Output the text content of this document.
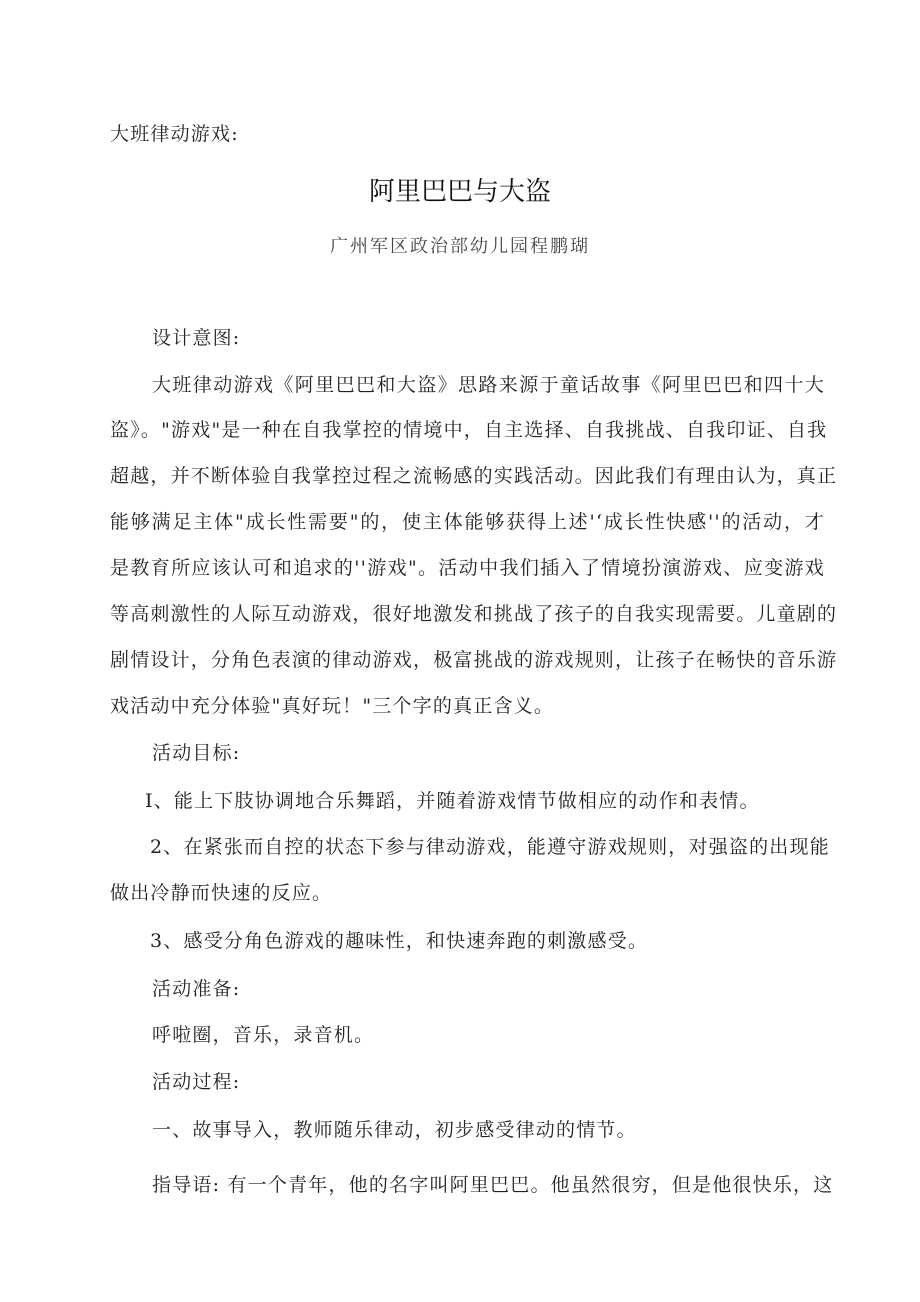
大班律动游戏:
阿里巴巴与大盗
广州军区政治部幼儿园程鹏瑚
设计意图:
大班律动游戏《阿里巴巴和大盗》思路来源于童话故事《阿里巴巴和四十大
盗》。"游戏"是一种在自我掌控的情境中，自主选择、自我挑战、自我印证、自我
超越，并不断体验自我掌控过程之流畅感的实践活动。因此我们有理由认为，真正
能够满足主体"成长性需要"的，使主体能够获得上述'‘成长性快感''的活动，才
是教育所应该认可和追求的''游戏"。活动中我们插入了情境扮演游戏、应变游戏
等高刺激性的人际互动游戏，很好地激发和挑战了孩子的自我实现需要。儿童剧的
剧情设计，分角色表演的律动游戏，极富挑战的游戏规则，让孩子在畅快的音乐游
戏活动中充分体验"真好玩！"三个字的真正含义。
活动目标:
I、能上下肢协调地合乐舞蹈，并随着游戏情节做相应的动作和表情。
2、在紧张而自控的状态下参与律动游戏，能遵守游戏规则，对强盗的出现能
做出冷静而快速的反应。
3、感受分角色游戏的趣味性，和快速奔跑的刺激感受。
活动准备:
呼啦圈，音乐，录音机。
活动过程:
一、故事导入，教师随乐律动，初步感受律动的情节。
指导语: 有一个青年，他的名字叫阿里巴巴。他虽然很穷，但是他很快乐，这
